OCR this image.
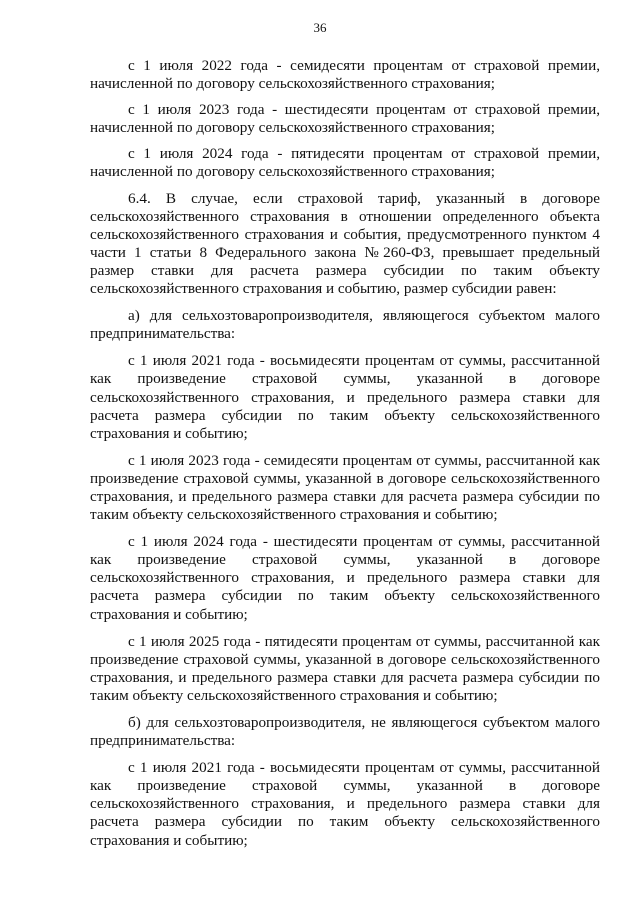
36

с 1 июля 2022 года - семидесяти процентам от страховой премии, начисленной по договору сельскохозяйственного страхования;

с 1 июля 2023 года - шестидесяти процентам от страховой премии, начисленной по договору сельскохозяйственного страхования;

с 1 июля 2024 года - пятидесяти процентам от страховой премии, начисленной по договору сельскохозяйственного страхования;

6.4. В случае, если страховой тариф, указанный в договоре сельскохозяйственного страхования в отношении определенного объекта сельскохозяйственного страхования и события, предусмотренного пунктом 4 части 1 статьи 8 Федерального закона №260-ФЗ, превышает предельный размер ставки для расчета размера субсидии по таким объекту сельскохозяйственного страхования и событию, размер субсидии равен:

а) для сельхозтоваропроизводителя, являющегося субъектом малого предпринимательства:

с 1 июля 2021 года - восьмидесяти процентам от суммы, рассчитанной как произведение страховой суммы, указанной в договоре сельскохозяйственного страхования, и предельного размера ставки для расчета размера субсидии по таким объекту сельскохозяйственного страхования и событию;

с 1 июля 2023 года - семидесяти процентам от суммы, рассчитанной как произведение страховой суммы, указанной в договоре сельскохозяйственного страхования, и предельного размера ставки для расчета размера субсидии по таким объекту сельскохозяйственного страхования и событию;

с 1 июля 2024 года - шестидесяти процентам от суммы, рассчитанной как произведение страховой суммы, указанной в договоре сельскохозяйственного страхования, и предельного размера ставки для расчета размера субсидии по таким объекту сельскохозяйственного страхования и событию;

с 1 июля 2025 года - пятидесяти процентам от суммы, рассчитанной как произведение страховой суммы, указанной в договоре сельскохозяйственного страхования, и предельного размера ставки для расчета размера субсидии по таким объекту сельскохозяйственного страхования и событию;

б) для сельхозтоваропроизводителя, не являющегося субъектом малого предпринимательства:

с 1 июля 2021 года - восьмидесяти процентам от суммы, рассчитанной как произведение страховой суммы, указанной в договоре сельскохозяйственного страхования, и предельного размера ставки для расчета размера субсидии по таким объекту сельскохозяйственного страхования и событию;
